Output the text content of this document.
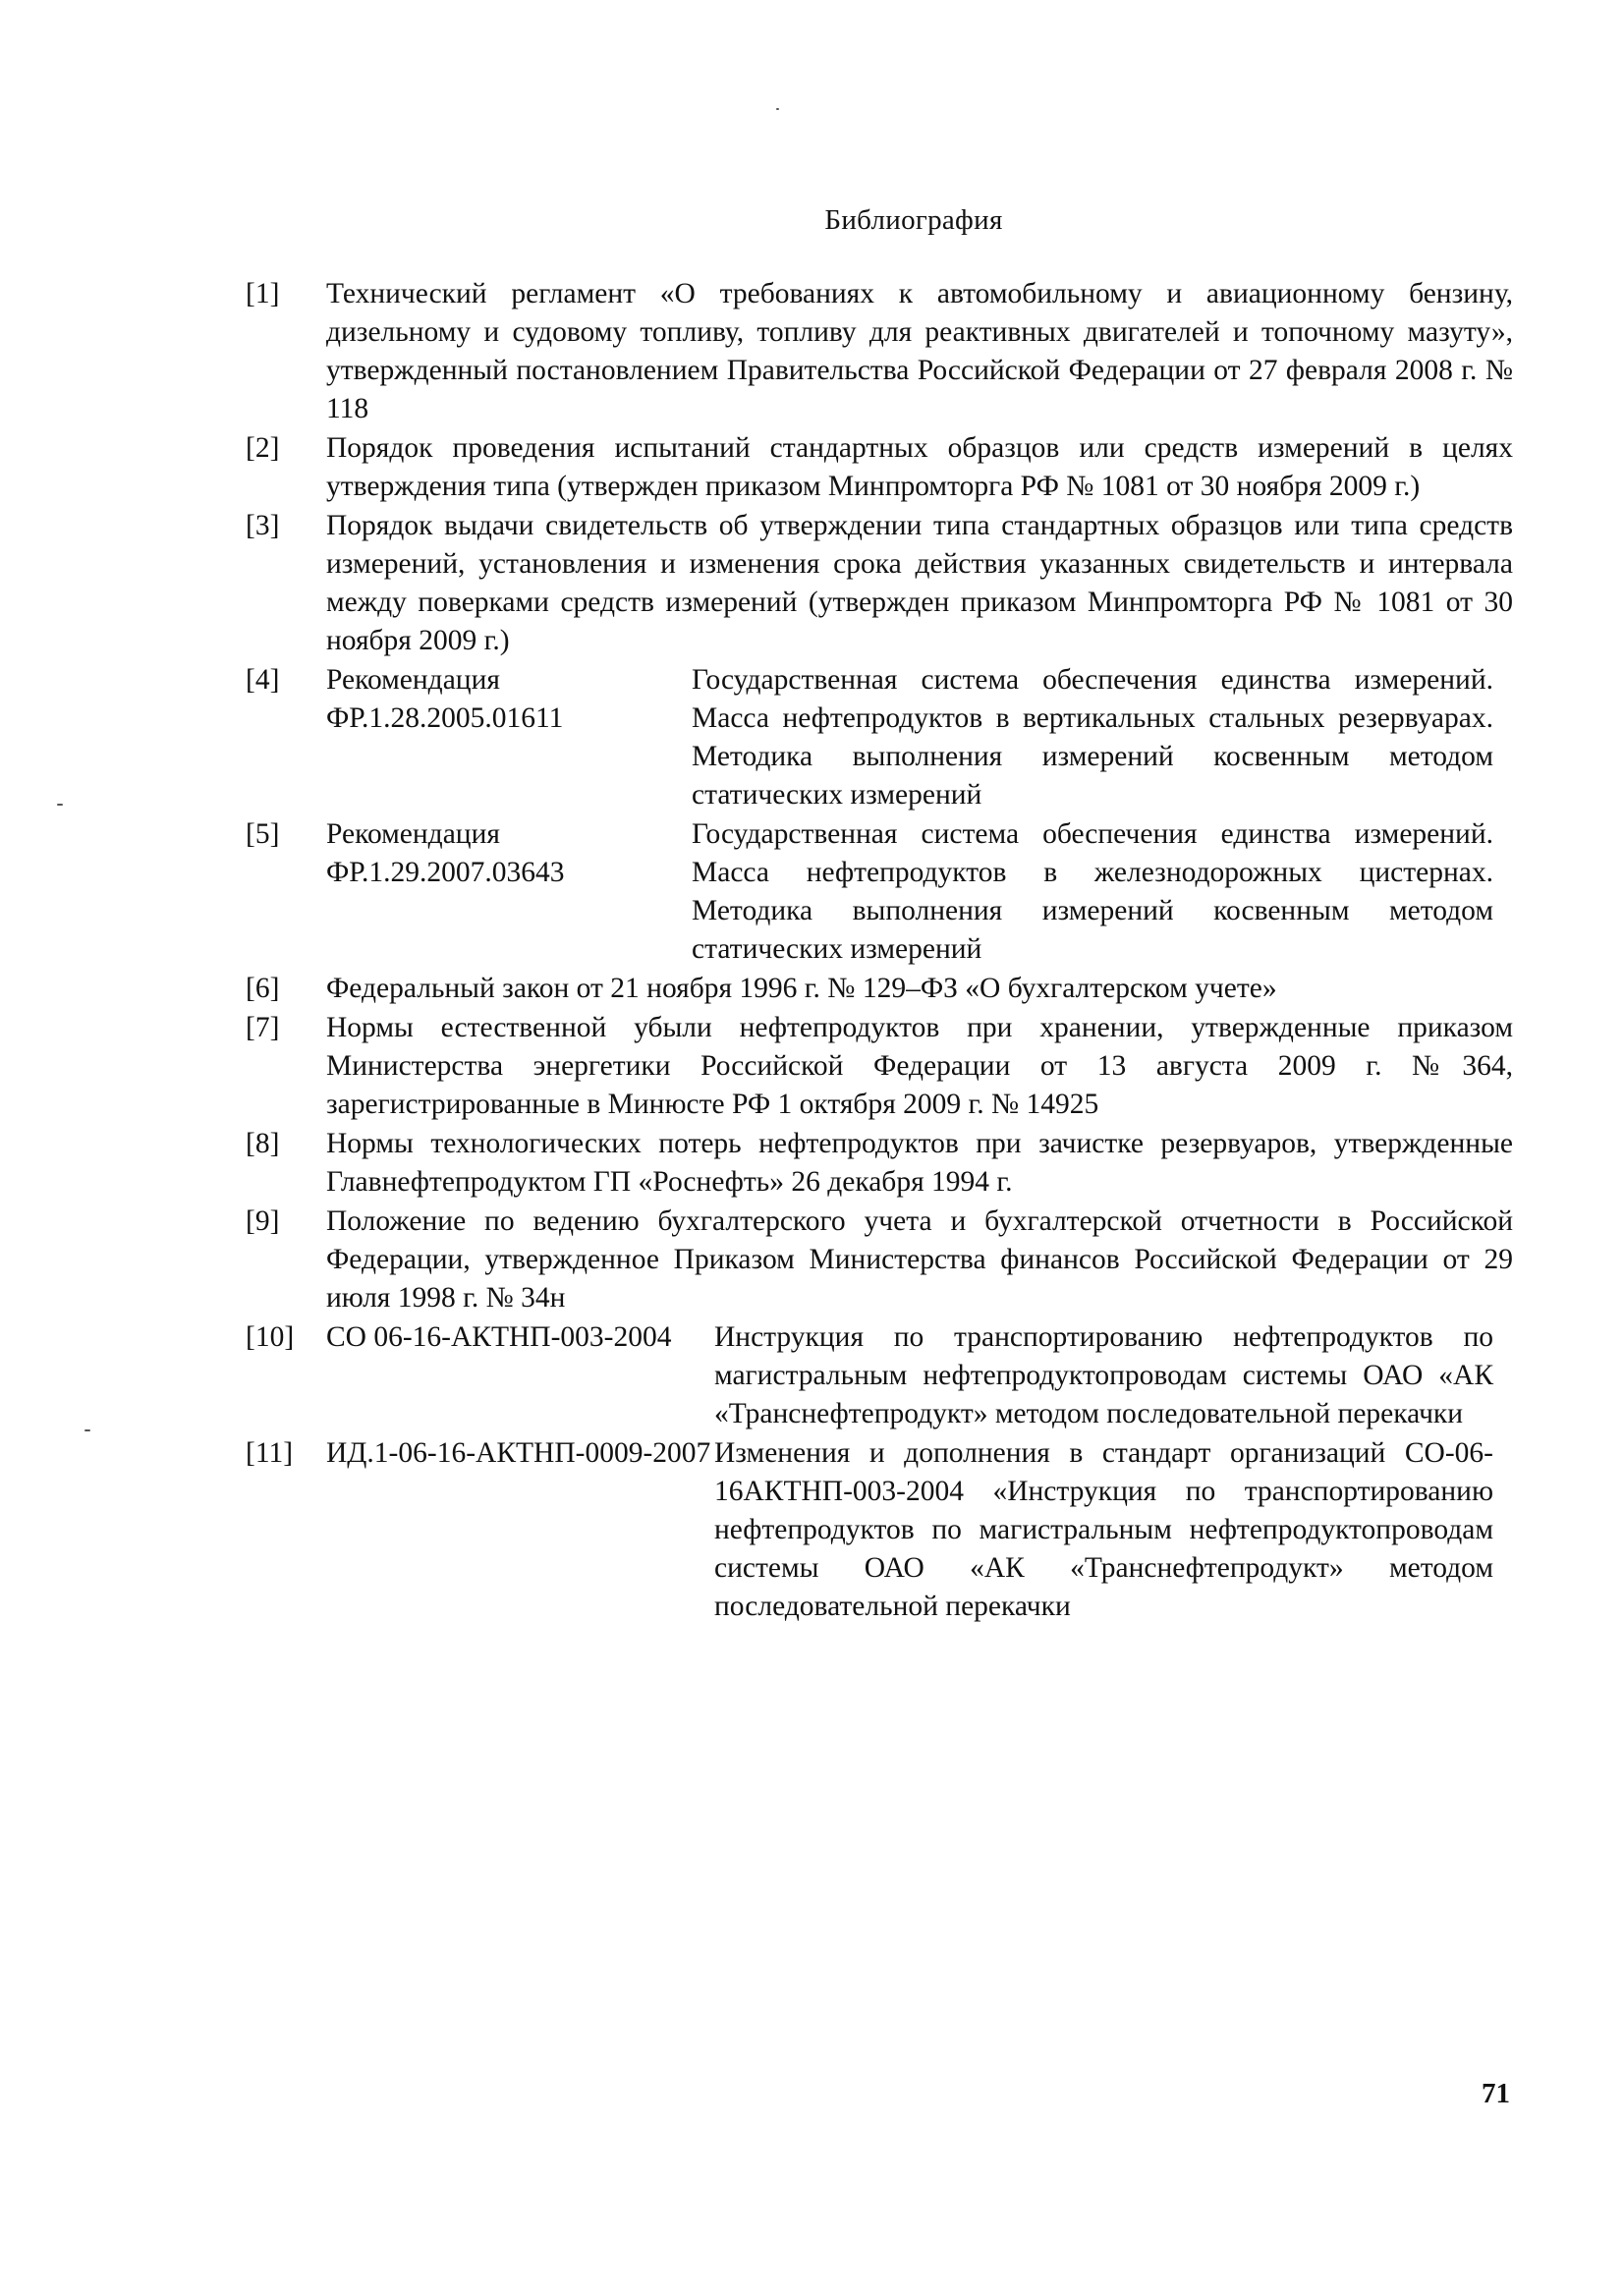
Библиография
[1] Технический регламент «О требованиях к автомобильному и авиационному бензину, дизельному и судовому топливу, топливу для реактивных двигателей и топочному мазуту», утвержденный постановлением Правительства Российской Федерации от 27 февраля 2008 г. № 118
[2] Порядок проведения испытаний стандартных образцов или средств измерений в целях утверждения типа (утвержден приказом Минпромторга РФ № 1081 от 30 ноября 2009 г.)
[3] Порядок выдачи свидетельств об утверждении типа стандартных образцов или типа средств измерений, установления и изменения срока действия указанных свидетельств и интервала между поверками средств измерений (утвержден приказом Минпромторга РФ № 1081 от 30 ноября 2009 г.)
[4] Рекомендация ФР.1.28.2005.01611
Государственная система обеспечения единства измерений. Масса нефтепродуктов в вертикальных стальных резервуарах. Методика выполнения измерений косвенным методом статических измерений
[5] Рекомендация ФР.1.29.2007.03643
Государственная система обеспечения единства измерений. Масса нефтепродуктов в железнодорожных цистернах. Методика выполнения измерений косвенным методом статических измерений
[6] Федеральный закон от 21 ноября 1996 г. № 129–ФЗ «О бухгалтерском учете»
[7] Нормы естественной убыли нефтепродуктов при хранении, утвержденные приказом Министерства энергетики Российской Федерации от 13 августа 2009 г. №364, зарегистрированные в Минюсте РФ 1 октября 2009 г. № 14925
[8] Нормы технологических потерь нефтепродуктов при зачистке резервуаров, утвержденные Главнефтепродуктом ГП «Роснефть» 26 декабря 1994 г.
[9] Положение по ведению бухгалтерского учета и бухгалтерской отчетности в Российской Федерации, утвержденное Приказом Министерства финансов Российской Федерации от 29 июля 1998 г. № 34н
[10] СО 06-16-АКТНП-003-2004	Инструкция по транспортированию нефтепродуктов по магистральным нефтепродуктопроводам системы ОАО «АК «Транснефтепродукт» методом последовательной перекачки
[11] ИД.1-06-16-АКТНП-0009-2007 Изменения и дополнения в стандарт организаций СО-06-16АКТНП-003-2004 «Инструкция по транспортированию нефтепродуктов по магистральным нефтепродуктопроводам системы ОАО «АК «Транснефтепродукт» методом последовательной перекачки
71
